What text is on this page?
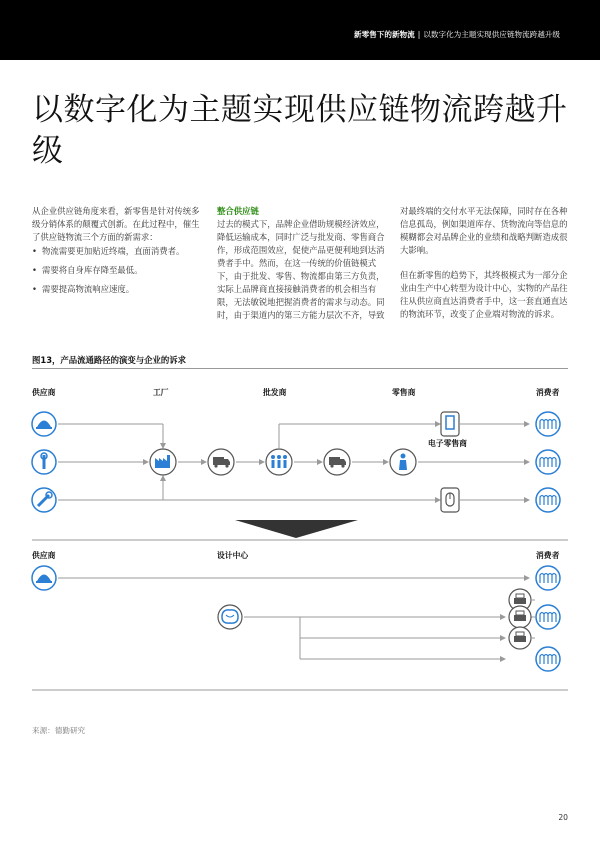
新零售下的新物流 | 以数字化为主题实现供应链物流跨越升级
以数字化为主题实现供应链物流跨越升级

从企业供应链角度来看，新零售是针对传统多级分销体系的颠覆式创新。在此过程中，催生了供应链物流三个方面的新需求：

• 物流需要更加贴近终端，直面消费者。
• 需要将自身库存降至最低。
• 需要提高物流响应速度。

整合供应链

过去的模式下，品牌企业借助规模经济效应，降低运输成本，同时广泛与批发商、零售商合作，形成范围效应，促使产品更便利地到达消费者手中。然而，在这一传统的价值链模式下，由于批发、零售、物流都由第三方负责，实际上品牌商直接接触消费者的机会相当有限，无法敏锐地把握消费者的需求与动态。同时，由于渠道内的第三方能力层次不齐，导致

对最终端的交付水平无法保障，同时存在各种信息孤岛，例如渠道库存、货物流向等信息的模糊都会对品牌企业的业绩和战略判断造成很大影响。

但在新零售的趋势下，其终极模式为一部分企业由生产中心转型为设计中心，实物的产品往往从供应商直达消费者手中，这一套直通直达的物流环节，改变了企业端对物流的诉求。

图13，产品流通路径的演变与企业的诉求
供应商	工厂	批发商	零售商	消费者
电子零售商
供应商	设计中心	消费者
来源：德勤研究
20
